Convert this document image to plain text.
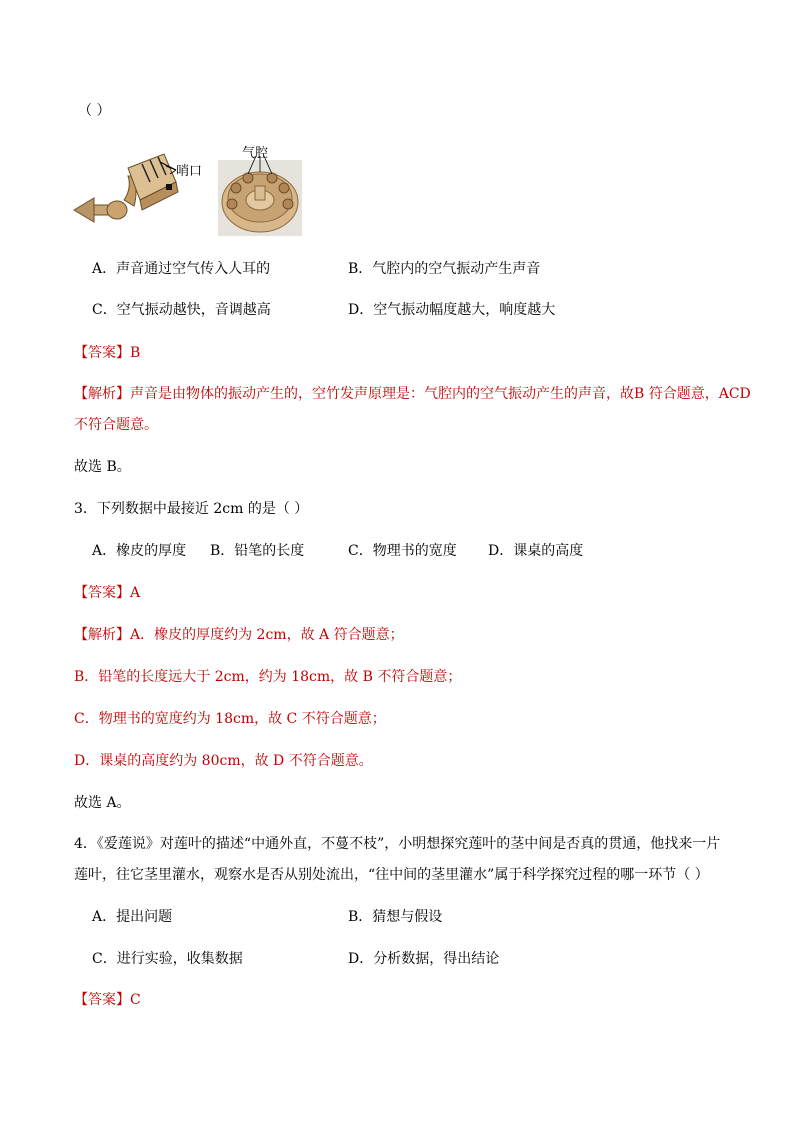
（ ）
哨口
气腔
A．声音通过空气传入人耳的	B．气腔内的空气振动产生声音
C．空气振动越快，音调越高	D．空气振动幅度越大，响度越大
【答案】B
【解析】声音是由物体的振动产生的，空竹发声原理是：气腔内的空气振动产生的声音，故B 符合题意，ACD
不符合题意。
故选 B。
3．下列数据中最接近 2cm 的是（ ）
A．橡皮的厚度 B．铅笔的长度	C．物理书的宽度 D．课桌的高度
【答案】A
【解析】A．橡皮的厚度约为 2cm，故 A 符合题意；
B．铅笔的长度远大于 2cm，约为 18cm，故 B 不符合题意；
C．物理书的宽度约为 18cm，故 C 不符合题意；
D．课桌的高度约为 80cm，故 D 不符合题意。
故选 A。
4．《爱莲说》对莲叶的描述“中通外直，不蔓不枝”，小明想探究莲叶的茎中间是否真的贯通，他找来一片
莲叶，往它茎里灌水，观察水是否从别处流出，“往中间的茎里灌水”属于科学探究过程的哪一环节（ ）
A．提出问题	B．猜想与假设
C．进行实验，收集数据	D．分析数据，得出结论
【答案】C
